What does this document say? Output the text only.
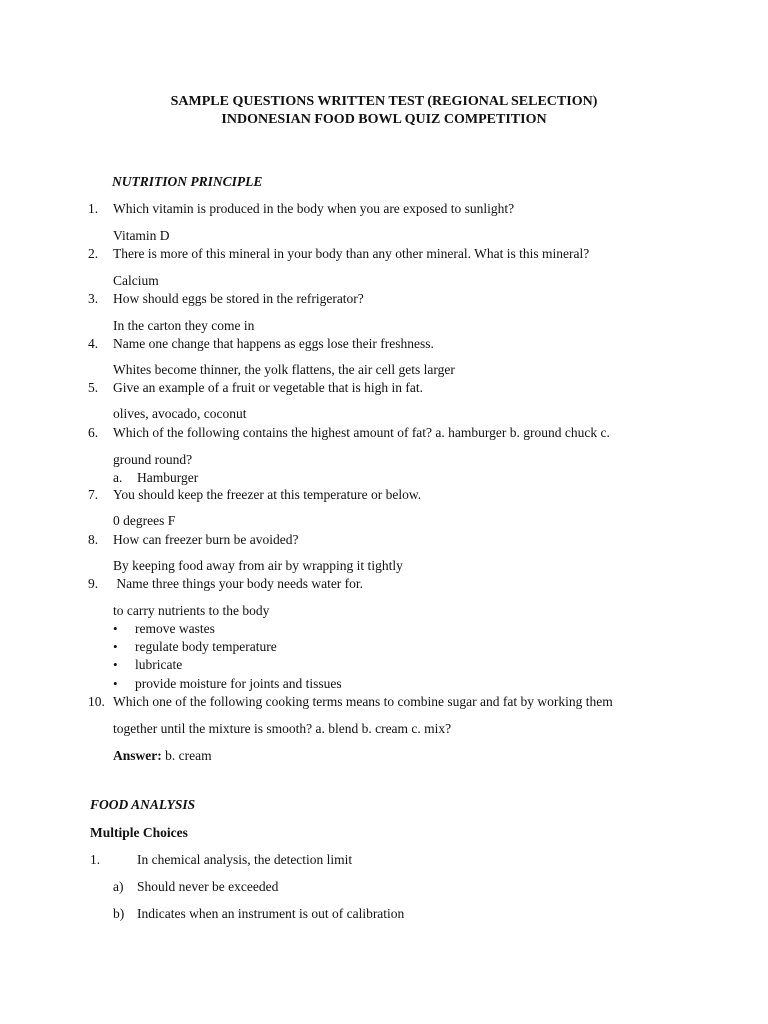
SAMPLE QUESTIONS WRITTEN TEST (REGIONAL SELECTION)
INDONESIAN FOOD BOWL QUIZ COMPETITION
NUTRITION PRINCIPLE
1. Which vitamin is produced in the body when you are exposed to sunlight?
Vitamin D
2. There is more of this mineral in your body than any other mineral. What is this mineral?
Calcium
3. How should eggs be stored in the refrigerator?
In the carton they come in
4. Name one change that happens as eggs lose their freshness.
Whites become thinner, the yolk flattens, the air cell gets larger
5. Give an example of a fruit or vegetable that is high in fat.
olives, avocado, coconut
6. Which of the following contains the highest amount of fat? a. hamburger b. ground chuck c.
ground round?
a. Hamburger
7. You should keep the freezer at this temperature or below.
0 degrees F
8. How can freezer burn be avoided?
By keeping food away from air by wrapping it tightly
9. Name three things your body needs water for.
to carry nutrients to the body
• remove wastes
• regulate body temperature
• lubricate
• provide moisture for joints and tissues
10. Which one of the following cooking terms means to combine sugar and fat by working them
together until the mixture is smooth? a. blend b. cream c. mix?
Answer: b. cream
FOOD ANALYSIS
Multiple Choices
1.	In chemical analysis, the detection limit
a) Should never be exceeded
b) Indicates when an instrument is out of calibration
